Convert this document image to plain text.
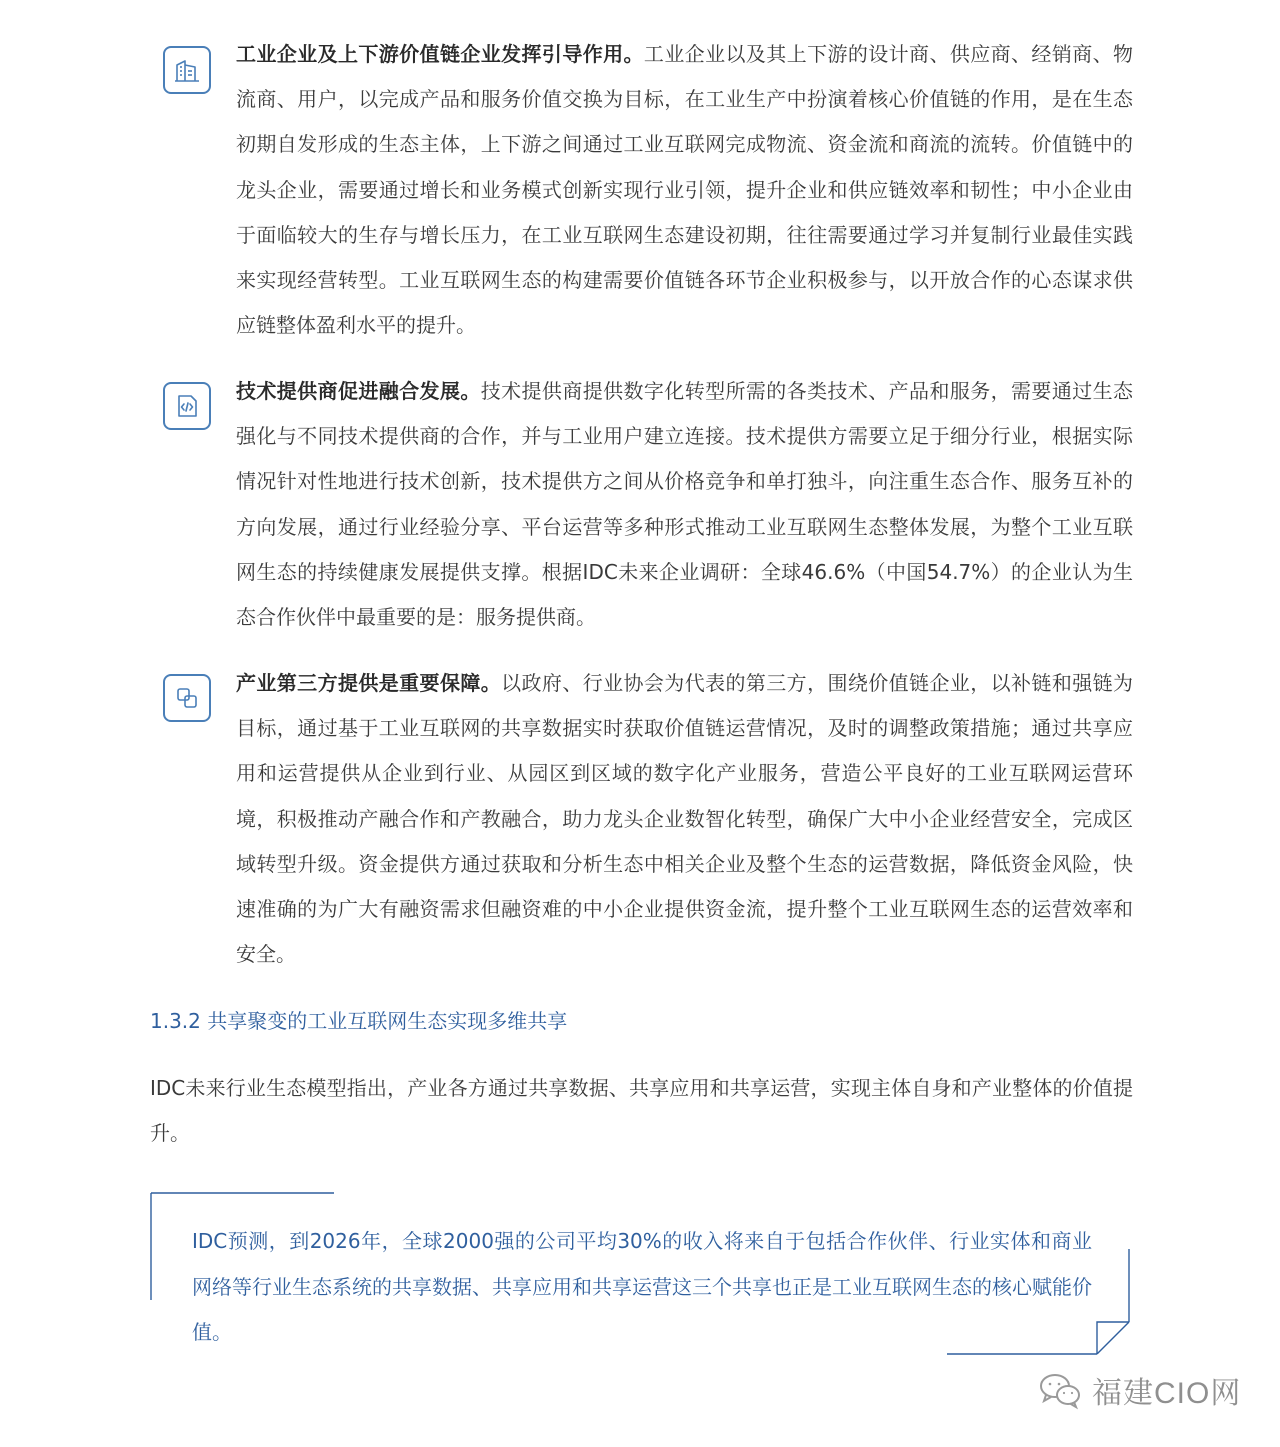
工业企业及上下游价值链企业发挥引导作用。工业企业以及其上下游的设计商、供应商、经销商、物流商、用户，以完成产品和服务价值交换为目标，在工业生产中扮演着核心价值链的作用，是在生态初期自发形成的生态主体，上下游之间通过工业互联网完成物流、资金流和商流的流转。价值链中的龙头企业，需要通过增长和业务模式创新实现行业引领，提升企业和供应链效率和韧性；中小企业由于面临较大的生存与增长压力，在工业互联网生态建设初期，往往需要通过学习并复制行业最佳实践来实现经营转型。工业互联网生态的构建需要价值链各环节企业积极参与，以开放合作的心态谋求供应链整体盈利水平的提升。

技术提供商促进融合发展。技术提供商提供数字化转型所需的各类技术、产品和服务，需要通过生态强化与不同技术提供商的合作，并与工业用户建立连接。技术提供方需要立足于细分行业，根据实际情况针对性地进行技术创新，技术提供方之间从价格竞争和单打独斗，向注重生态合作、服务互补的方向发展，通过行业经验分享、平台运营等多种形式推动工业互联网生态整体发展，为整个工业互联网生态的持续健康发展提供支撑。根据IDC未来企业调研：全球46.6%（中国54.7%）的企业认为生态合作伙伴中最重要的是：服务提供商。

产业第三方提供是重要保障。以政府、行业协会为代表的第三方，围绕价值链企业，以补链和强链为目标，通过基于工业互联网的共享数据实时获取价值链运营情况，及时的调整政策措施；通过共享应用和运营提供从企业到行业、从园区到区域的数字化产业服务，营造公平良好的工业互联网运营环境，积极推动产融合作和产教融合，助力龙头企业数智化转型，确保广大中小企业经营安全，完成区域转型升级。资金提供方通过获取和分析生态中相关企业及整个生态的运营数据，降低资金风险，快速准确的为广大有融资需求但融资难的中小企业提供资金流，提升整个工业互联网生态的运营效率和安全。

1.3.2 共享聚变的工业互联网生态实现多维共享

IDC未来行业生态模型指出，产业各方通过共享数据、共享应用和共享运营，实现主体自身和产业整体的价值提升。

IDC预测，到2026年，全球2000强的公司平均30%的收入将来自于包括合作伙伴、行业实体和商业网络等行业生态系统的共享数据、共享应用和共享运营这三个共享也正是工业互联网生态的核心赋能价值。

福建CIO网
